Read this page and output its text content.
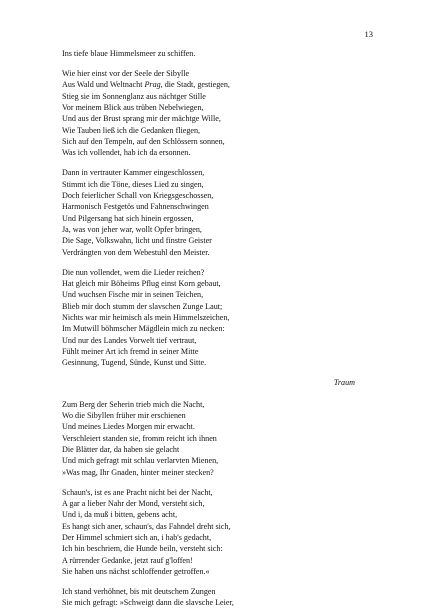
13
Ins tiefe blaue Himmelsmeer zu schiffen.
Wie hier einst vor der Seele der Sibylle
Aus Wald und Weltnacht Prag, die Stadt, gestiegen,
Stieg sie im Sonnenglanz aus nächtger Stille
Vor meinem Blick aus trüben Nebelwiegen,
Und aus der Brust sprang mir der mächtge Wille,
Wie Tauben ließ ich die Gedanken fliegen,
Sich auf den Tempeln, auf den Schlössern sonnen,
Was ich vollendet, hab ich da ersonnen.
Dann in vertrauter Kammer eingeschlossen,
Stimmt ich die Töne, dieses Lied zu singen,
Doch feierlicher Schall von Kriegsgeschossen,
Harmonisch Festgetös und Fahnenschwingen
Und Pilgersang hat sich hinein ergossen,
Ja, was von jeher war, wollt Opfer bringen,
Die Sage, Volkswahn, licht und finstre Geister
Verdrängten von dem Webestuhl den Meister.
Die nun vollendet, wem die Lieder reichen?
Hat gleich mir Böheims Pflug einst Korn gebaut,
Und wuchsen Fische mir in seinen Teichen,
Blieb mir doch stumm der slavschen Zunge Laut;
Nichts war mir heimisch als mein Himmelszeichen,
Im Mutwill böhmscher Mägdlein mich zu necken:
Und nur des Landes Vorwelt tief vertraut,
Fühlt meiner Art ich fremd in seiner Mitte
Gesinnung, Tugend, Sünde, Kunst und Sitte.
Traum
Zum Berg der Seherin trieb mich die Nacht,
Wo die Sibyllen früher mir erschienen
Und meines Liedes Morgen mir erwacht.
Verschleiert standen sie, fromm reicht ich ihnen
Die Blätter dar, da haben sie gelacht
Und mich gefragt mit schlau verlarvten Mienen,
»Was mag, Ihr Gnaden, hinter meiner stecken?
Schaun's, ist es ane Pracht nicht bei der Nacht,
A gar a lieber Nahr der Mond, versteht sich,
Und i, da muß i bitten, gebens acht,
Es hangt sich aner, schaun's, das Fahndel dreht sich,
Der Himmel schmiert sich an, i hab's gedacht,
Ich bin beschriem, die Hunde beiln, versteht sich:
A rürrender Gedanke, jetzt rauf g'loffen!
Sie haben uns nächst schloffender getroffen.«
Ich stand verhöhnet, bis mit deutschem Zungen
Sie mich gefragt: »Schweigt dann die slavsche Leier,
